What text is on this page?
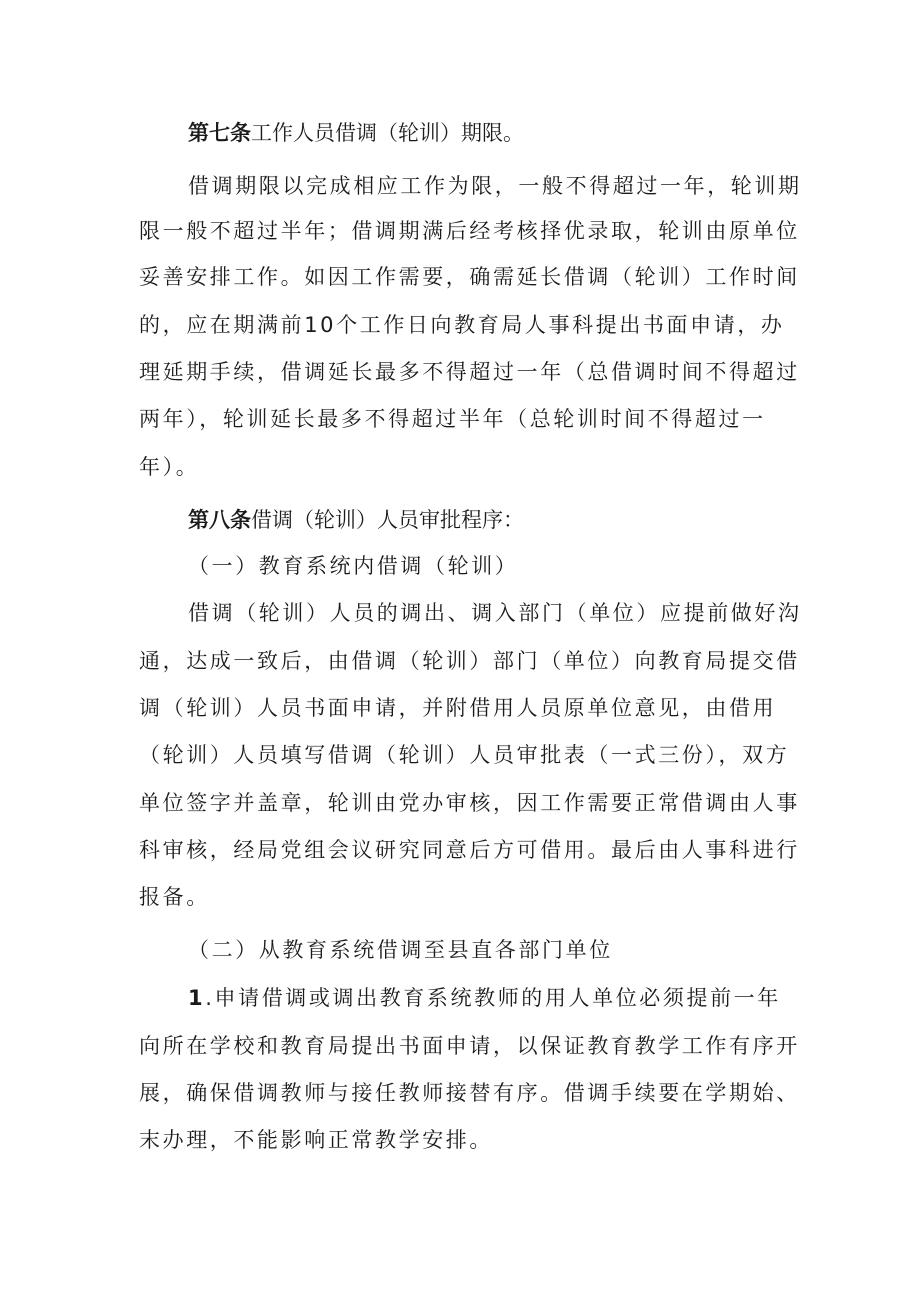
第七条工作人员借调（轮训）期限。
借调期限以完成相应工作为限，一般不得超过一年，轮训期
限一般不超过半年；借调期满后经考核择优录取，轮训由原单位
妥善安排工作。如因工作需要，确需延长借调（轮训）工作时间
的，应在期满前10个工作日向教育局人事科提出书面申请，办
理延期手续，借调延长最多不得超过一年（总借调时间不得超过
两年），轮训延长最多不得超过半年（总轮训时间不得超过一
年）。
第八条借调（轮训）人员审批程序：
（一）教育系统内借调（轮训）
借调（轮训）人员的调出、调入部门（单位）应提前做好沟
通，达成一致后，由借调（轮训）部门（单位）向教育局提交借
调（轮训）人员书面申请，并附借用人员原单位意见，由借用
（轮训）人员填写借调（轮训）人员审批表（一式三份），双方
单位签字并盖章，轮训由党办审核，因工作需要正常借调由人事
科审核，经局党组会议研究同意后方可借用。最后由人事科进行
报备。
（二）从教育系统借调至县直各部门单位
1.申请借调或调出教育系统教师的用人单位必须提前一年
向所在学校和教育局提出书面申请，以保证教育教学工作有序开
展，确保借调教师与接任教师接替有序。借调手续要在学期始、
末办理，不能影响正常教学安排。
